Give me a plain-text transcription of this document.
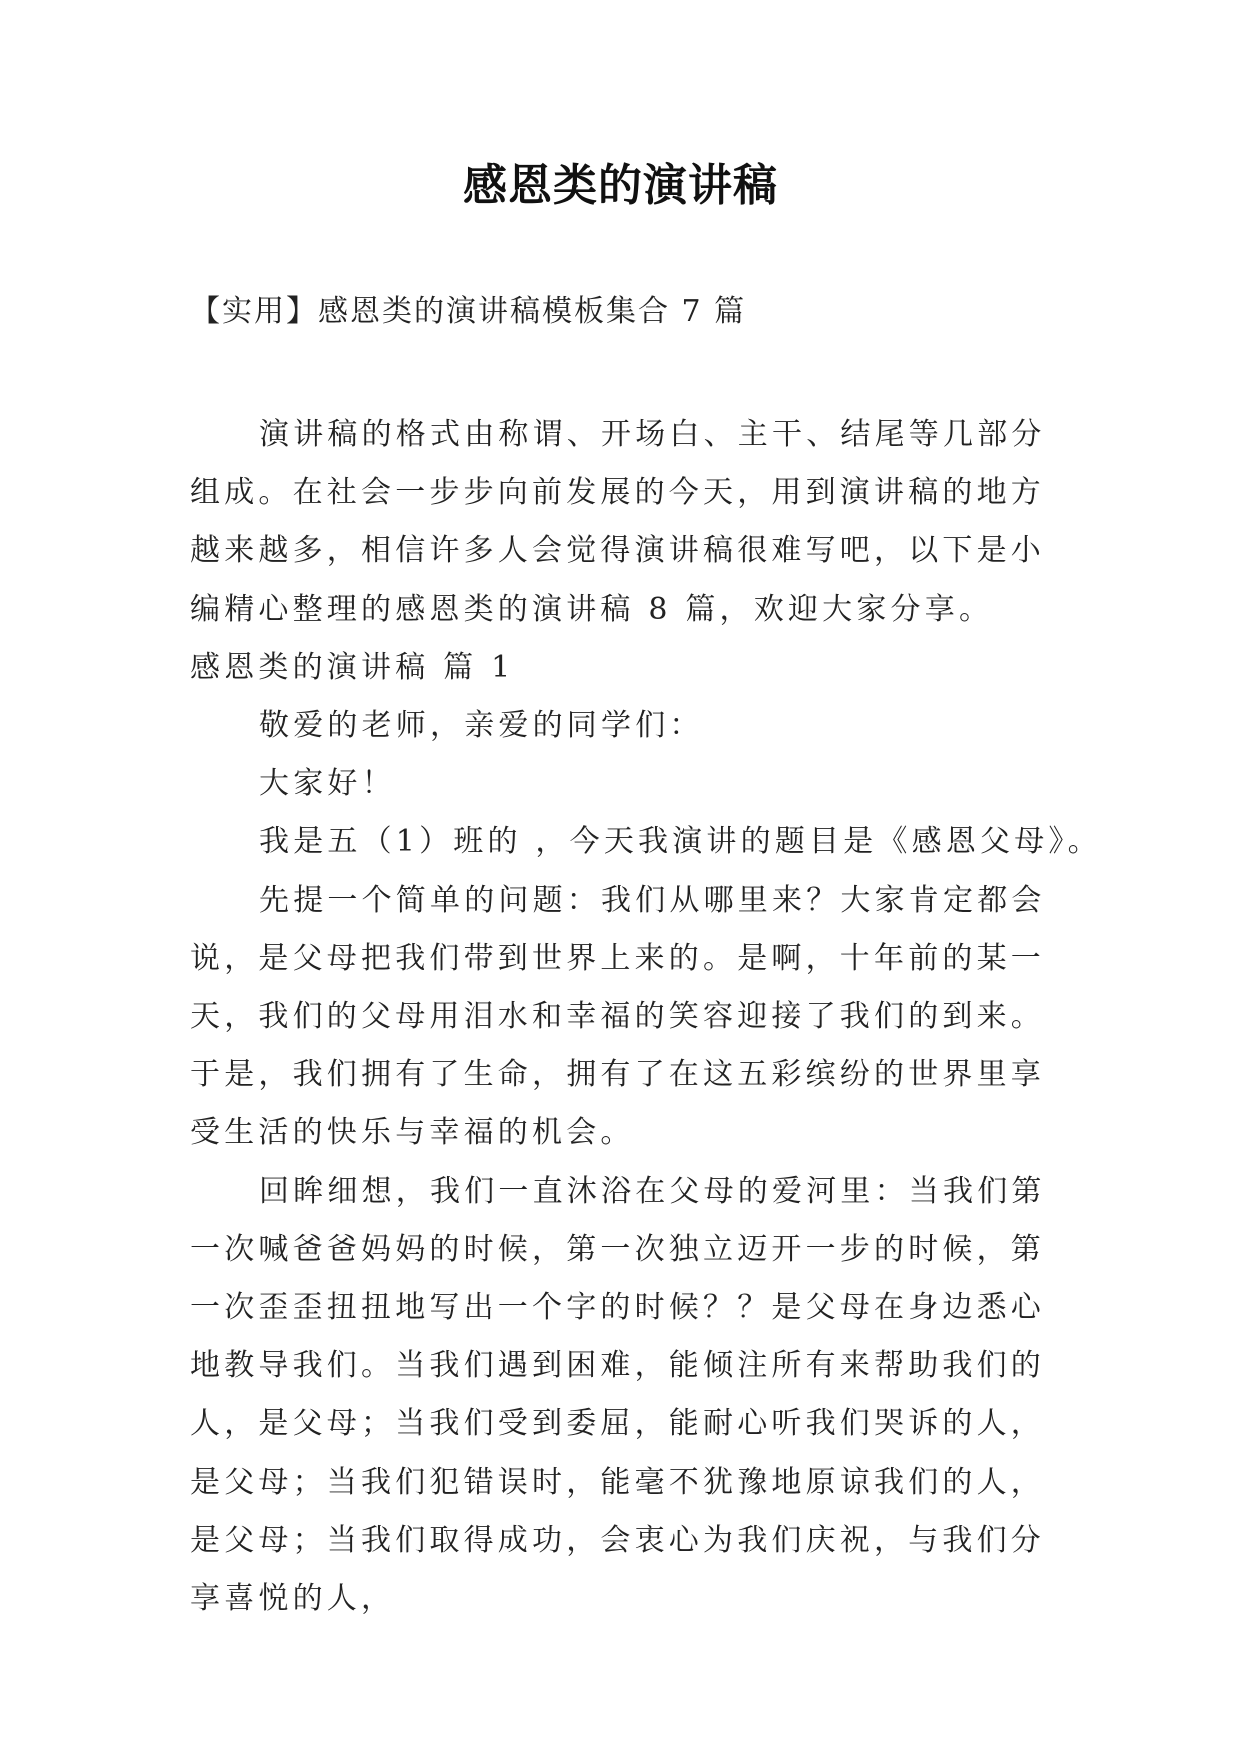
感恩类的演讲稿
【实用】感恩类的演讲稿模板集合 7 篇

演讲稿的格式由称谓、开场白、主干、结尾等几部分组成。在社会一步步向前发展的今天，用到演讲稿的地方越来越多，相信许多人会觉得演讲稿很难写吧，以下是小编精心整理的感恩类的演讲稿 8 篇，欢迎大家分享。

感恩类的演讲稿 篇 1

敬爱的老师，亲爱的同学们：

大家好！

我是五（1）班的 ，今天我演讲的题目是《感恩父母》。

先提一个简单的问题：我们从哪里来？大家肯定都会说，是父母把我们带到世界上来的。是啊，十年前的某一天，我们的父母用泪水和幸福的笑容迎接了我们的到来。于是，我们拥有了生命，拥有了在这五彩缤纷的世界里享受生活的快乐与幸福的机会。

回眸细想，我们一直沐浴在父母的爱河里：当我们第一次喊爸爸妈妈的时候，第一次独立迈开一步的时候，第一次歪歪扭扭地写出一个字的时候？？是父母在身边悉心地教导我们。当我们遇到困难，能倾注所有来帮助我们的人，是父母；当我们受到委屈，能耐心听我们哭诉的人，是父母；当我们犯错误时，能毫不犹豫地原谅我们的人，是父母；当我们取得成功，会衷心为我们庆祝，与我们分享喜悦的人，
